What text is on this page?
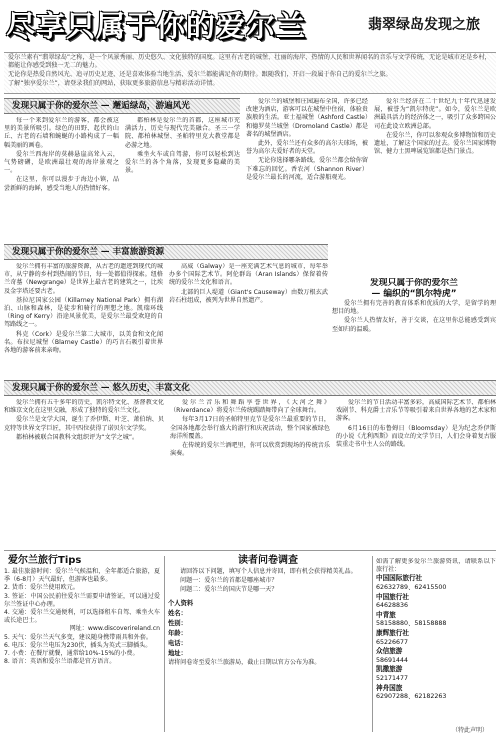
尽享只属于你的爱尔兰	翡翠绿岛发现之旅

爱尔兰素有“翡翠绿岛”之称，是一个风景秀丽、历史悠久、文化独特的国度。这里有古老的城堡、壮丽的海岸、热情的人民和世界闻名的音乐与文学传统，无论是城市还是乡村，都能让你感受到独一无二的魅力。

无论你是热爱自然风光、追寻历史足迹，还是喜欢体验当地生活，爱尔兰都能满足你的期待。跟随我们，开启一段属于你自己的爱尔兰之旅。

了解“独享爱尔兰”，请登录我们的网站，获取更多旅游信息与精彩活动详情。

发现只属于你的爱尔兰 — 邂逅绿岛，游遍风光

每一个来到爱尔兰的游客，都会被这里的美景所吸引。绿色的田野、起伏的山丘、古老的石墙和蜿蜒的小路构成了一幅幅美丽的画卷。

爱尔兰西海岸的莫赫悬崖高耸入云，气势磅礴，是欧洲最壮观的海岸景观之一。

在这里，你可以漫步于海边小镇，品尝新鲜的海鲜，感受当地人的热情好客。

都柏林是爱尔兰的首都，这座城市充满活力，历史与现代完美融合。圣三一学院、都柏林城堡、圣帕特里克大教堂都是必游之地。

乘坐火车或自驾游，你可以轻松到达爱尔兰的各个角落，发现更多隐藏的美景。

爱尔兰的城堡和庄园遍布全国，许多已经改建为酒店，游客可以在城堡中住宿，体验贵族般的生活。亚士福城堡（Ashford Castle）和德罗莫兰城堡（Dromoland Castle）都是著名的城堡酒店。

此外，爱尔兰还有众多的高尔夫球场，被誉为高尔夫爱好者的天堂。

无论你选择哪条路线，爱尔兰都会给你留下难忘的回忆。香农河（Shannon River）是爱尔兰最长的河流，适合游船观光。

爱尔兰经济在二十世纪九十年代迅速发展，被誉为“凯尔特虎”。如今，爱尔兰是欧洲最具活力的经济体之一，吸引了众多跨国公司在此设立欧洲总部。

在爱尔兰，你可以参观众多博物馆和历史遗址，了解这个国家的过去。爱尔兰国家博物馆、健力士黑啤展览馆都是热门景点。

发现只属于你的爱尔兰 — 丰富旅游资源

爱尔兰拥有丰富的旅游资源，从古老的遗迹到现代的城市，从宁静的乡村到热闹的节日，每一处都值得探索。纽格兰奇墓（Newgrange）是世界上最古老的建筑之一，比埃及金字塔还要古老。

基拉尼国家公园（Killarney National Park）拥有湖泊、山脉和森林，是徒步和骑行的理想之地。凯瑞环线（Ring of Kerry）沿途风景优美，是爱尔兰最受欢迎的自驾路线之一。

科克（Cork）是爱尔兰第二大城市，以美食和文化闻名。布拉尼城堡（Blarney Castle）的巧言石吸引着世界各地的游客前来亲吻。

高威（Galway）是一座充满艺术气息的城市，每年举办多个国际艺术节。阿伦群岛（Aran Islands）保留着传统的爱尔兰文化和语言。

北部的巨人堤道（Giant's Causeway）由数万根玄武岩石柱组成，被列为世界自然遗产。

发现只属于你的爱尔兰
— 编织的“凯尔特虎”

爱尔兰拥有完善的教育体系和优质的大学，是留学的理想目的地。

爱尔兰人热情友好，善于交谈，在这里你总能感受到宾至如归的温暖。

发现只属于你的爱尔兰 — 悠久历史，丰富文化

爱尔兰拥有五千多年的历史，凯尔特文化、基督教文化和维京文化在这里交融，形成了独特的爱尔兰文化。

爱尔兰是文学大国，诞生了乔伊斯、叶芝、萧伯纳、贝克特等世界文学巨匠，其中四位获得了诺贝尔文学奖。

都柏林被联合国教科文组织评为“文学之城”。

爱尔兰音乐和舞蹈享誉世界，《大河之舞》（Riverdance）将爱尔兰传统踢踏舞带向了全球舞台。

每年3月17日的圣帕特里克节是爱尔兰最重要的节日，全国各地都会举行盛大的游行和庆祝活动，整个国家被绿色海洋所覆盖。

在传统的爱尔兰酒吧里，你可以欣赏到现场的传统音乐演奏。

爱尔兰的节日活动丰富多彩，高威国际艺术节、都柏林戏剧节、科克爵士音乐节等吸引着来自世界各地的艺术家和游客。

6月16日的布鲁姆日（Bloomsday）是为纪念乔伊斯的小说《尤利西斯》而设立的文学节日，人们会身着复古服装重走书中主人公的路线。

爱尔兰旅行Tips
1. 最佳旅游时间：爱尔兰气候温和，全年都适合旅游，夏季（6-8月）天气最好，但游客也最多。
2. 货币：爱尔兰使用欧元。
3. 签证：中国公民前往爱尔兰需要申请签证，可以通过爱尔兰签证中心办理。
4. 交通：爱尔兰交通便利，可以选择租车自驾、乘坐火车或长途巴士。
网址：www.discoverireland.cn
5. 天气：爱尔兰天气多变，建议随身携带雨具和外套。
6. 电压：爱尔兰电压为230伏，插头为英式三脚插头。
7. 小费：在餐厅就餐，通常给10%-15%的小费。
8. 语言：英语和爱尔兰语都是官方语言。
读者问卷调查

请回答以下问题，填写个人信息并寄回，即有机会获得精美礼品。

问题一：爱尔兰的首都是哪座城市？

问题二：爱尔兰的国庆节是哪一天？

个人资料
姓名：
性别：
年龄：
电话：
地址：
请将问卷寄至爱尔兰旅游局，截止日期以官方公布为准。
如需了解更多爱尔兰旅游资讯，请联系以下旅行社：
中国国际旅行社
62632789、62415500
中国旅行社
64628836
中青旅
58158880、58158888
康辉旅行社
65226677
众信旅游
58691444
凯撒旅游
52171477
神舟国旅
62907288、62182263
（特此声明）
